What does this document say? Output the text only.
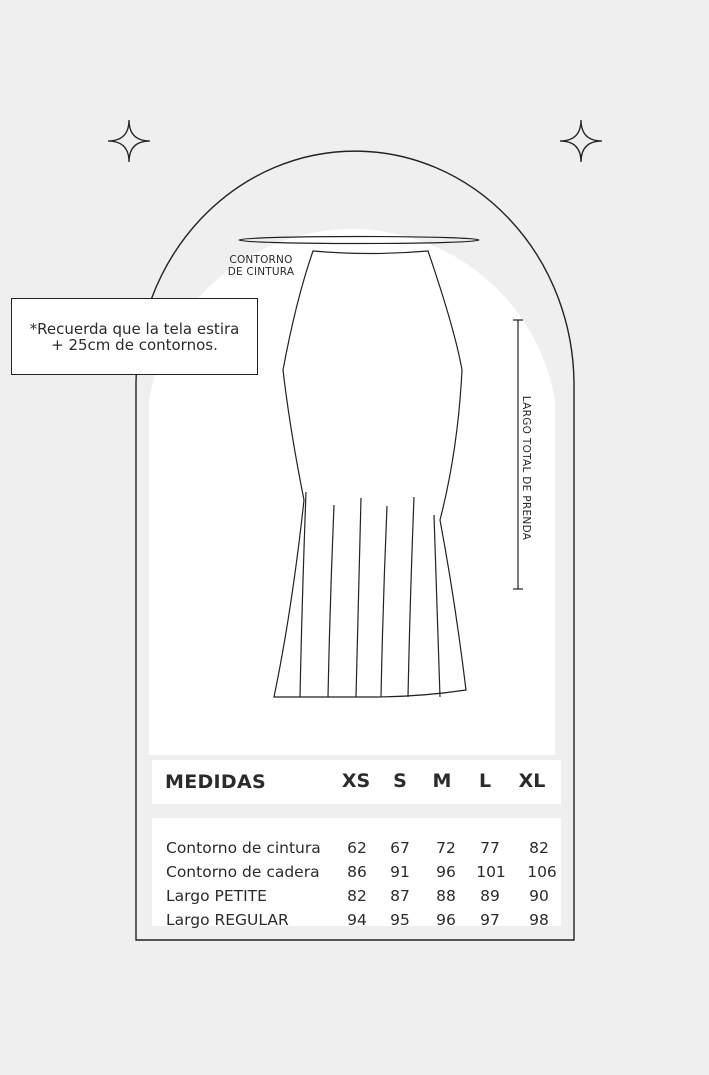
CONTORNO
DE CINTURA
LARGO TOTAL DE PRENDA
*Recuerda que la tela estira + 25cm de contornos.
MEDIDAS	XS	S	M	L	XL
Contorno de cintura	62	67	72	77	82
Contorno de cadera	86	91	96	101	106
Largo PETITE	82	87	88	89	90
Largo REGULAR	94	95	96	97	98
